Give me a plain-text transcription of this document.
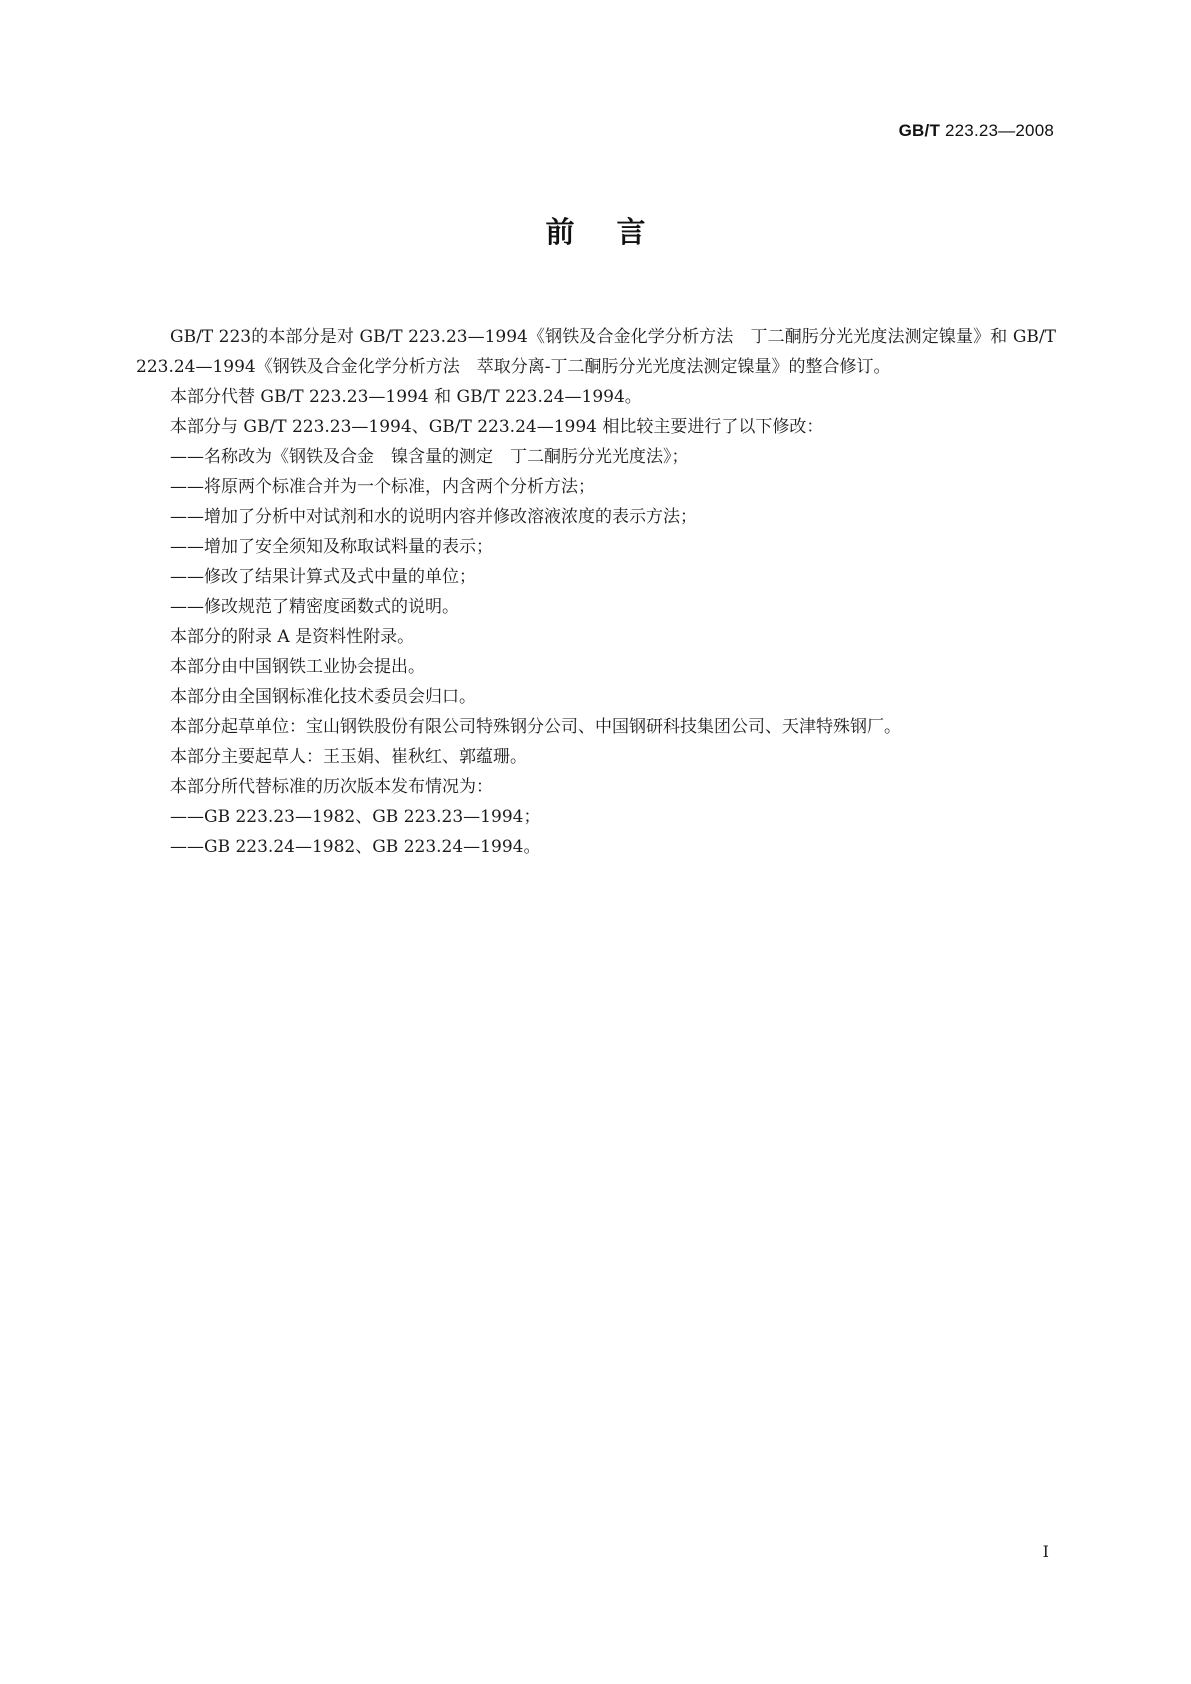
GB/T 223.23—2008
前言

GB/T 223的本部分是对 GB/T 223.23—1994《钢铁及合金化学分析方法　丁二酮肟分光光度法测定镍量》和 GB/T 223.24—1994《钢铁及合金化学分析方法　萃取分离-丁二酮肟分光光度法测定镍量》的整合修订。

本部分代替 GB/T 223.23—1994 和 GB/T 223.24—1994。

本部分与 GB/T 223.23—1994、GB/T 223.24—1994 相比较主要进行了以下修改：

——名称改为《钢铁及合金　镍含量的测定　丁二酮肟分光光度法》；

——将原两个标准合并为一个标准，内含两个分析方法；

——增加了分析中对试剂和水的说明内容并修改溶液浓度的表示方法；

——增加了安全须知及称取试料量的表示；

——修改了结果计算式及式中量的单位；

——修改规范了精密度函数式的说明。

本部分的附录 A 是资料性附录。

本部分由中国钢铁工业协会提出。

本部分由全国钢标准化技术委员会归口。

本部分起草单位：宝山钢铁股份有限公司特殊钢分公司、中国钢研科技集团公司、天津特殊钢厂。

本部分主要起草人：王玉娟、崔秋红、郭蕴珊。

本部分所代替标准的历次版本发布情况为：

——GB 223.23—1982、GB 223.23—1994；

——GB 223.24—1982、GB 223.24—1994。

I
